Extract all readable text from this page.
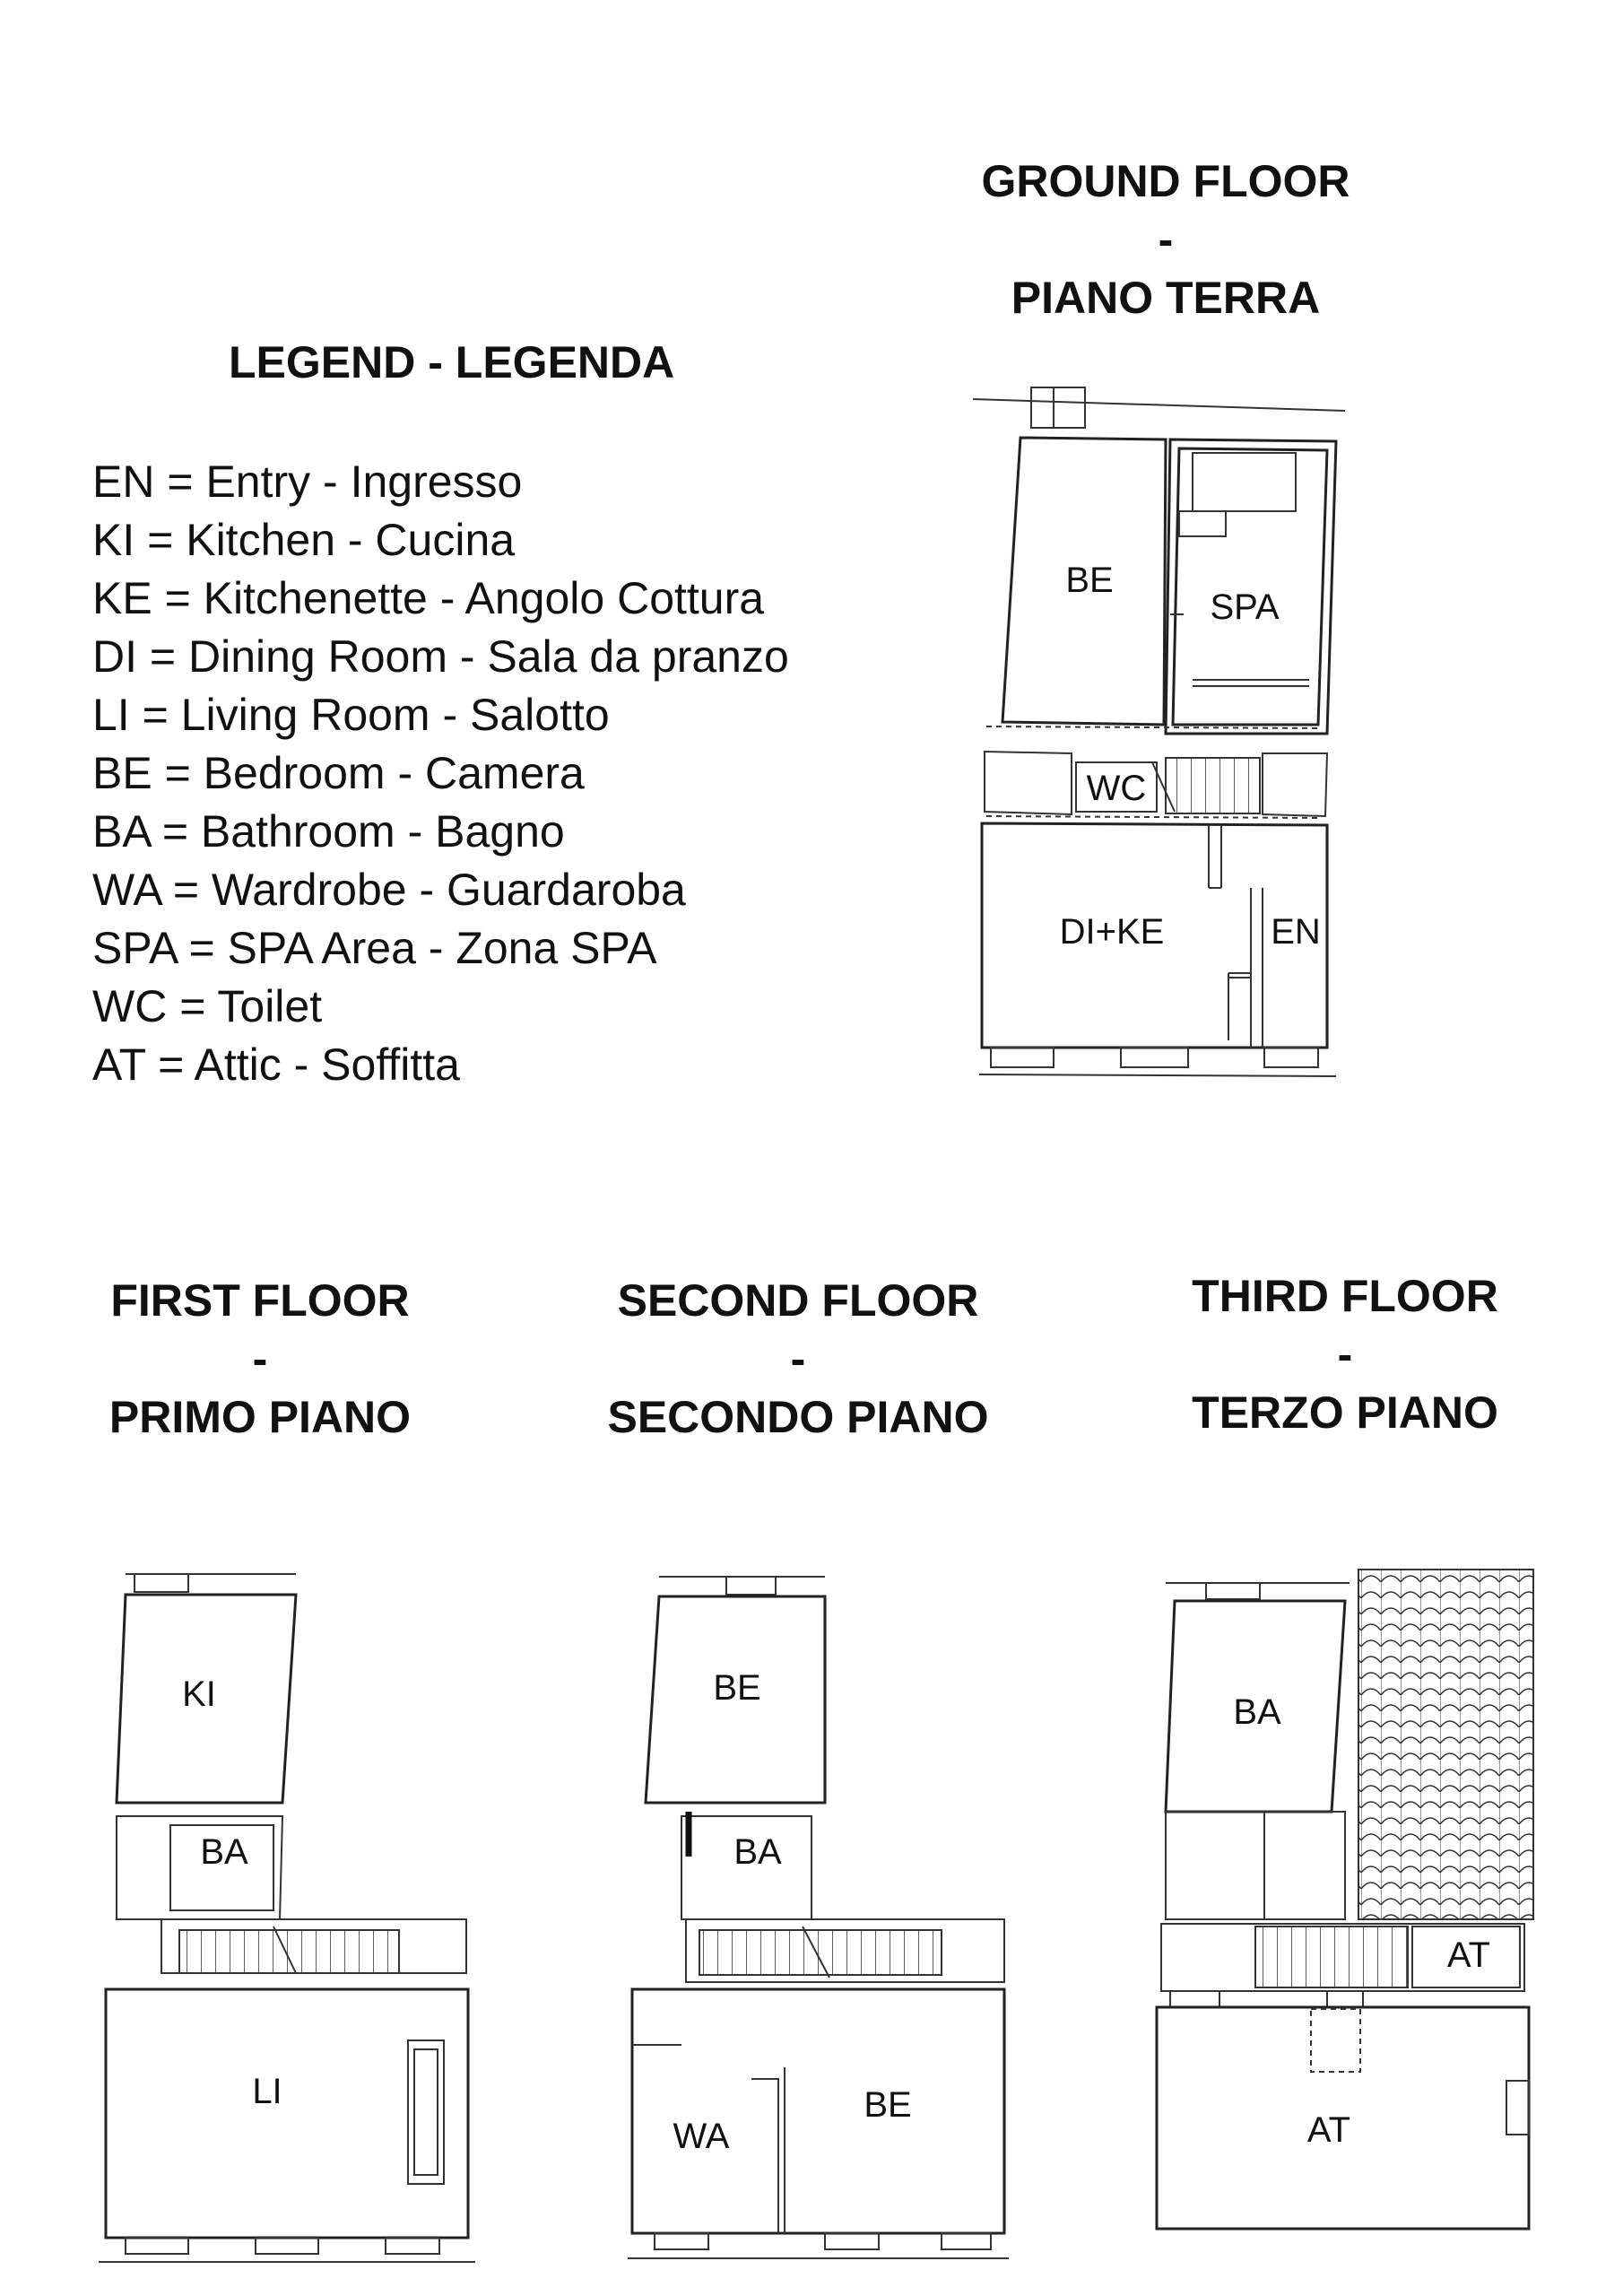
LEGEND - LEGENDA
EN = Entry - Ingresso
KI = Kitchen - Cucina
KE = Kitchenette - Angolo Cottura
DI = Dining Room - Sala da pranzo
LI = Living Room - Salotto
BE = Bedroom - Camera
BA = Bathroom - Bagno
WA = Wardrobe - Guardaroba
SPA = SPA Area - Zona SPA
WC = Toilet
AT = Attic - Soffitta
GROUND FLOOR
-
PIANO TERRA
FIRST FLOOR
-
PRIMO PIANO
SECOND FLOOR
-
SECONDO PIANO
THIRD FLOOR
-
TERZO PIANO
BE
SPA
WC
DI+KE	EN
KI
BA
LI
BE
BA
WA
BE
BA
AT
AT
